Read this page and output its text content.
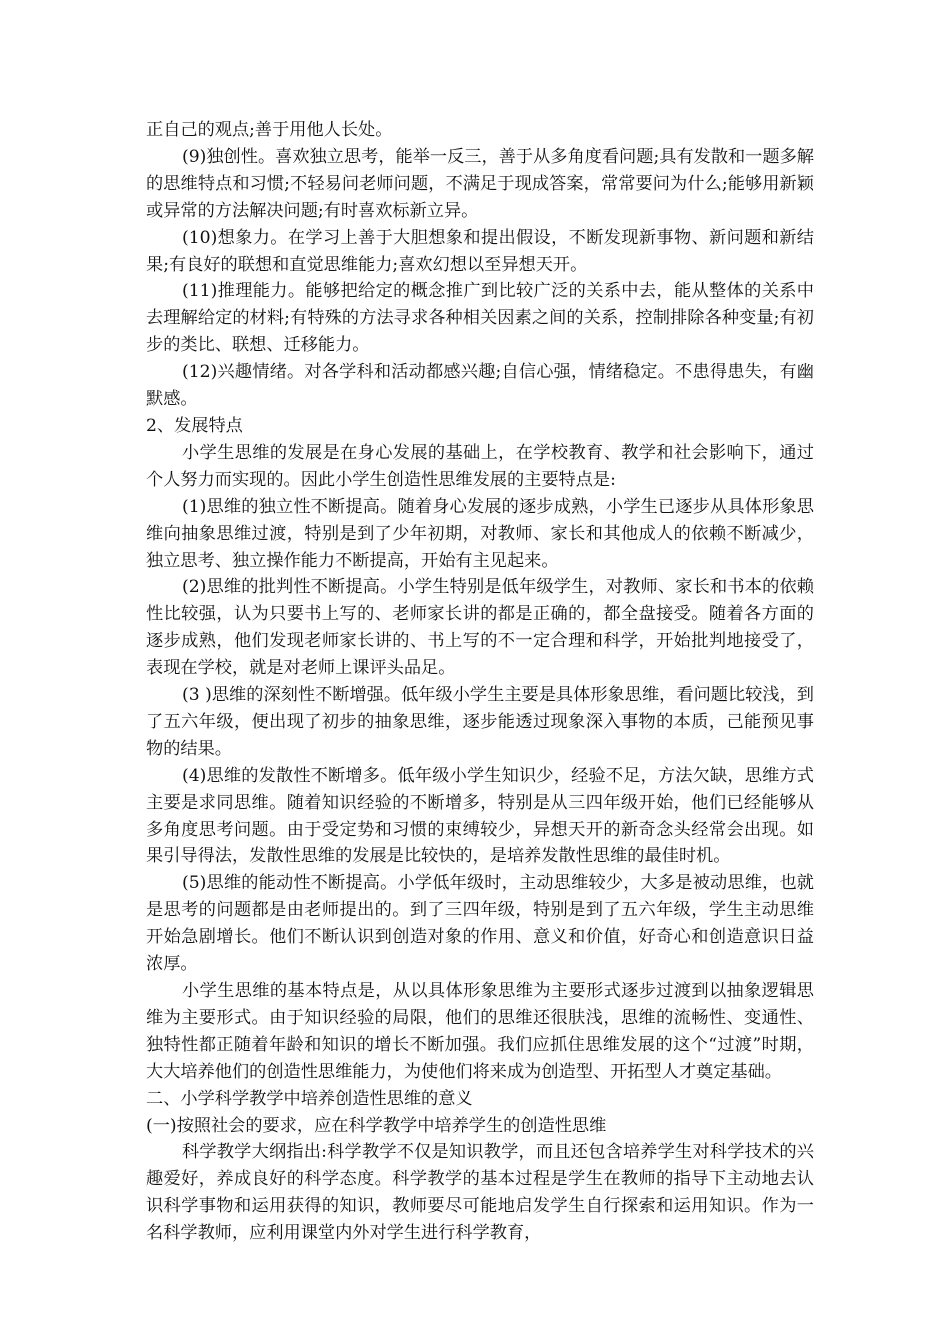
正自己的观点;善于用他人长处。

(9)独创性。喜欢独立思考，能举一反三，善于从多角度看问题;具有发散和一题多解的思维特点和习惯;不轻易问老师问题，不满足于现成答案，常常要问为什么;能够用新颖或异常的方法解决问题;有时喜欢标新立异。

(10)想象力。在学习上善于大胆想象和提出假设，不断发现新事物、新问题和新结果;有良好的联想和直觉思维能力;喜欢幻想以至异想天开。

(11)推理能力。能够把给定的概念推广到比较广泛的关系中去，能从整体的关系中去理解给定的材料;有特殊的方法寻求各种相关因素之间的关系，控制排除各种变量;有初步的类比、联想、迁移能力。

(12)兴趣情绪。对各学科和活动都感兴趣;自信心强，情绪稳定。不患得患失，有幽默感。

2、发展特点

小学生思维的发展是在身心发展的基础上，在学校教育、教学和社会影响下，通过个人努力而实现的。因此小学生创造性思维发展的主要特点是:

(1)思维的独立性不断提高。随着身心发展的逐步成熟，小学生已逐步从具体形象思维向抽象思维过渡，特别是到了少年初期，对教师、家长和其他成人的依赖不断减少，独立思考、独立操作能力不断提高，开始有主见起来。

(2)思维的批判性不断提高。小学生特别是低年级学生，对教师、家长和书本的依赖性比较强，认为只要书上写的、老师家长讲的都是正确的，都全盘接受。随着各方面的逐步成熟，他们发现老师家长讲的、书上写的不一定合理和科学，开始批判地接受了，表现在学校，就是对老师上课评头品足。

(3 )思维的深刻性不断增强。低年级小学生主要是具体形象思维，看问题比较浅，到了五六年级，便出现了初步的抽象思维，逐步能透过现象深入事物的本质，己能预见事物的结果。

(4)思维的发散性不断增多。低年级小学生知识少，经验不足，方法欠缺，思维方式主要是求同思维。随着知识经验的不断增多，特别是从三四年级开始，他们已经能够从多角度思考问题。由于受定势和习惯的束缚较少，异想天开的新奇念头经常会出现。如果引导得法，发散性思维的发展是比较快的，是培养发散性思维的最佳时机。

(5)思维的能动性不断提高。小学低年级时，主动思维较少，大多是被动思维，也就是思考的问题都是由老师提出的。到了三四年级，特别是到了五六年级，学生主动思维开始急剧增长。他们不断认识到创造对象的作用、意义和价值，好奇心和创造意识日益浓厚。

小学生思维的基本特点是，从以具体形象思维为主要形式逐步过渡到以抽象逻辑思维为主要形式。由于知识经验的局限，他们的思维还很肤浅，思维的流畅性、变通性、独特性都正随着年龄和知识的增长不断加强。我们应抓住思维发展的这个“过渡”时期，大大培养他们的创造性思维能力，为使他们将来成为创造型、开拓型人才奠定基础。

二、小学科学教学中培养创造性思维的意义

(一)按照社会的要求，应在科学教学中培养学生的创造性思维

科学教学大纲指出:科学教学不仅是知识教学，而且还包含培养学生对科学技术的兴趣爱好，养成良好的科学态度。科学教学的基本过程是学生在教师的指导下主动地去认识科学事物和运用获得的知识，教师要尽可能地启发学生自行探索和运用知识。作为一名科学教师，应利用课堂内外对学生进行科学教育，
